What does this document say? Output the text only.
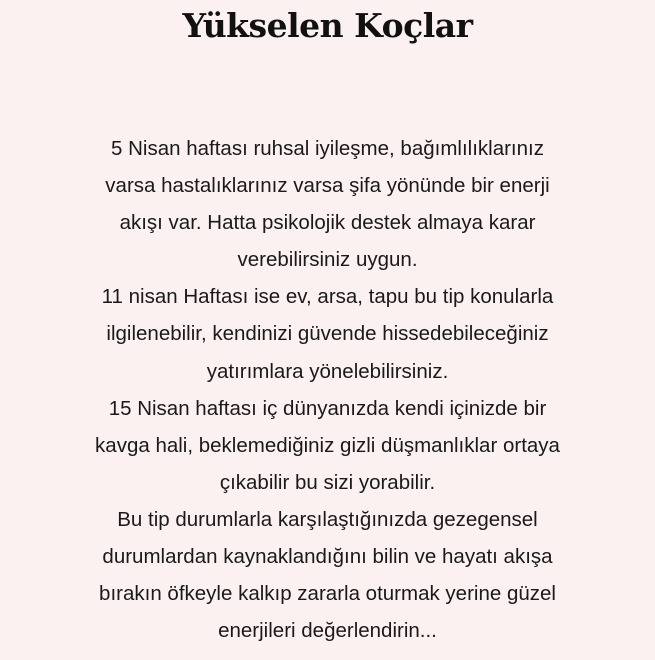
Yükselen Koçlar
5 Nisan haftası ruhsal iyileşme, bağımlılıklarınız
varsa hastalıklarınız varsa şifa yönünde bir enerji
akışı var. Hatta psikolojik destek almaya karar
verebilirsiniz uygun.
11 nisan Haftası ise ev, arsa, tapu bu tip konularla
ilgilenebilir, kendinizi güvende hissedebileceğiniz
yatırımlara yönelebilirsiniz.
15 Nisan haftası iç dünyanızda kendi içinizde bir
kavga hali, beklemediğiniz gizli düşmanlıklar ortaya
çıkabilir bu sizi yorabilir.
Bu tip durumlarla karşılaştığınızda gezegensel
durumlardan kaynaklandığını bilin ve hayatı akışa
bırakın öfkeyle kalkıp zararla oturmak yerine güzel
enerjileri değerlendirin...
